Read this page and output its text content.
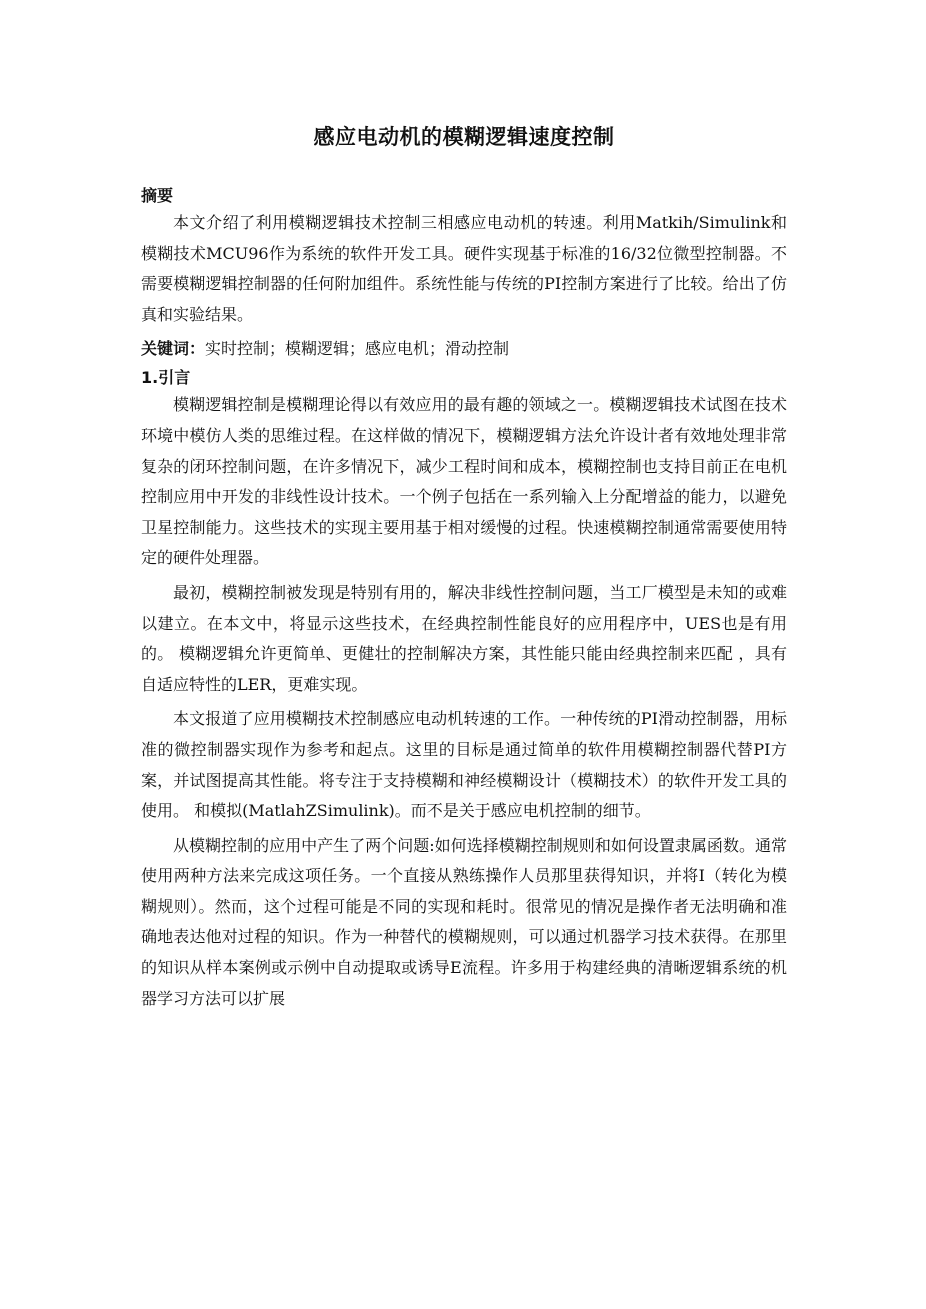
感应电动机的模糊逻辑速度控制
摘要

本文介绍了利用模糊逻辑技术控制三相感应电动机的转速。利用Matkih/Simulink和模糊技术MCU96作为系统的软件开发工具。硬件实现基于标准的16/32位微型控制器。不需要模糊逻辑控制器的任何附加组件。系统性能与传统的PI控制方案进行了比较。给出了仿真和实验结果。

关键词：实时控制；模糊逻辑；感应电机；滑动控制

1.引言

模糊逻辑控制是模糊理论得以有效应用的最有趣的领域之一。模糊逻辑技术试图在技术环境中模仿人类的思维过程。在这样做的情况下，模糊逻辑方法允许设计者有效地处理非常复杂的闭环控制问题，在许多情况下，减少工程时间和成本，模糊控制也支持目前正在电机控制应用中开发的非线性设计技术。一个例子包括在一系列输入上分配增益的能力，以避免卫星控制能力。这些技术的实现主要用基于相对缓慢的过程。快速模糊控制通常需要使用特定的硬件处理器。

最初，模糊控制被发现是特别有用的，解决非线性控制问题，当工厂模型是未知的或难以建立。在本文中，将显示这些技术，在经典控制性能良好的应用程序中，UES也是有用的。 模糊逻辑允许更简单、更健壮的控制解决方案，其性能只能由经典控制来匹配 ，具有自适应特性的LER，更难实现。

本文报道了应用模糊技术控制感应电动机转速的工作。一种传统的PI滑动控制器，用标准的微控制器实现作为参考和起点。这里的目标是通过简单的软件用模糊控制器代替PI方案，并试图提高其性能。将专注于支持模糊和神经模糊设计（模糊技术）的软件开发工具的使用。 和模拟(MatlahZSimulink)。而不是关于感应电机控制的细节。

从模糊控制的应用中产生了两个问题:如何选择模糊控制规则和如何设置隶属函数。通常使用两种方法来完成这项任务。一个直接从熟练操作人员那里获得知识，并将I（转化为模糊规则）。然而，这个过程可能是不同的实现和耗时。很常见的情况是操作者无法明确和准确地表达他对过程的知识。作为一种替代的模糊规则，可以通过机器学习技术获得。在那里的知识从样本案例或示例中自动提取或诱导E流程。许多用于构建经典的清晰逻辑系统的机器学习方法可以扩展
